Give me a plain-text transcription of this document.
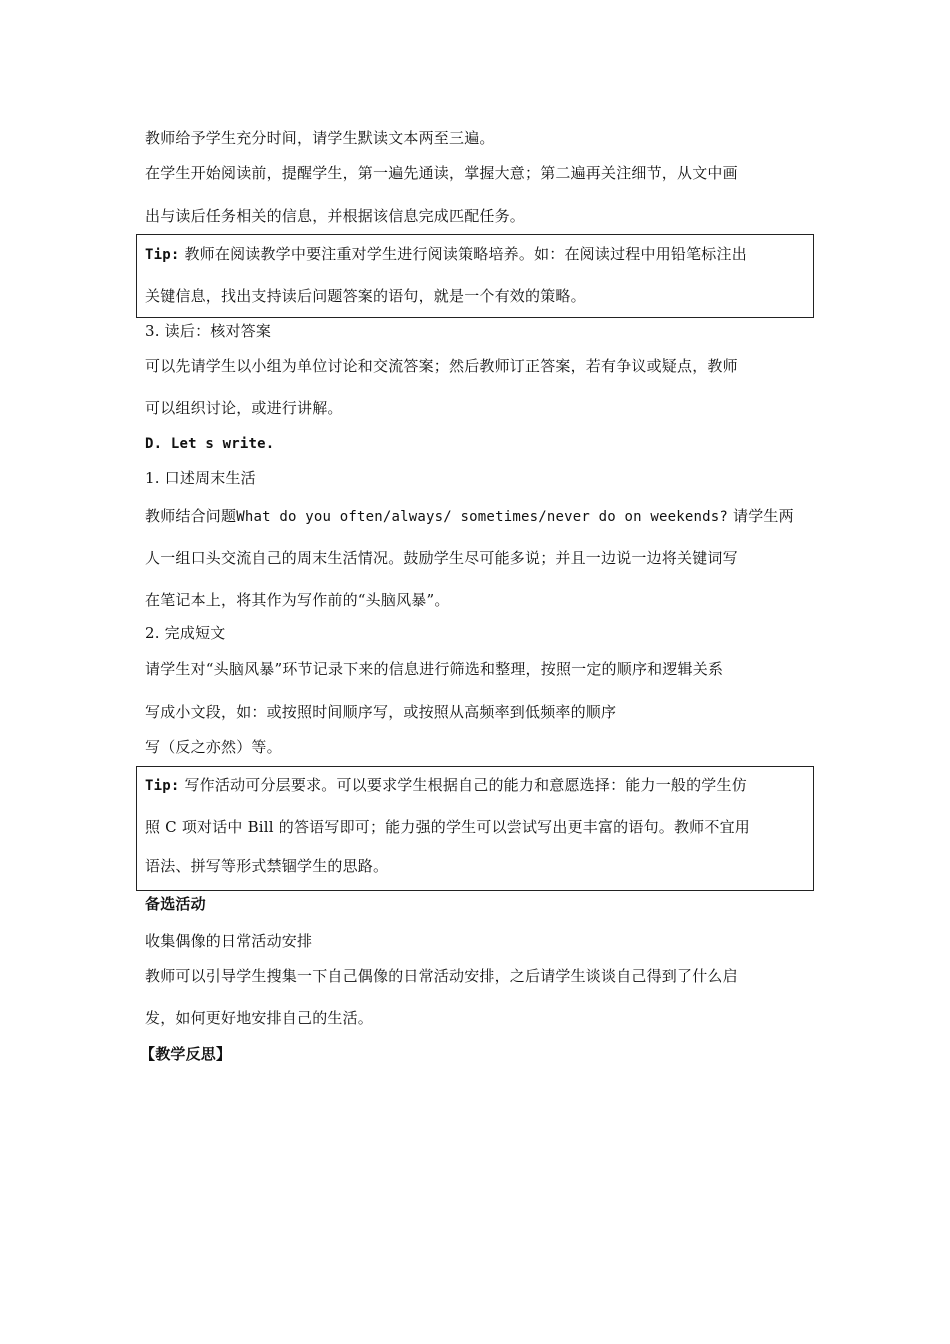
教师给予学生充分时间，请学生默读文本两至三遍。
在学生开始阅读前，提醒学生，第一遍先通读，掌握大意；第二遍再关注细节，从文中画
出与读后任务相关的信息，并根据该信息完成匹配任务。
Tip: 教师在阅读教学中要注重对学生进行阅读策略培养。如：在阅读过程中用铅笔标注出
关键信息，找出支持读后问题答案的语句，就是一个有效的策略。
3. 读后：核对答案
可以先请学生以小组为单位讨论和交流答案；然后教师订正答案，若有争议或疑点，教师
可以组织讨论，或进行讲解。
D. Let s write.
1. 口述周末生活
教师结合问题What do you often/always/ sometimes/never do on weekends? 请学生两
人一组口头交流自己的周末生活情况。鼓励学生尽可能多说；并且一边说一边将关键词写
在笔记本上，将其作为写作前的“头脑风暴”。
2. 完成短文
请学生对“头脑风暴”环节记录下来的信息进行筛选和整理，按照一定的顺序和逻辑关系
写成小文段，如：或按照时间顺序写，或按照从高频率到低频率的顺序
写（反之亦然）等。
Tip: 写作活动可分层要求。可以要求学生根据自己的能力和意愿选择：能力一般的学生仿
照 C 项对话中 Bill 的答语写即可；能力强的学生可以尝试写出更丰富的语句。教师不宜用
语法、拼写等形式禁锢学生的思路。
备选活动
收集偶像的日常活动安排
教师可以引导学生搜集一下自己偶像的日常活动安排，之后请学生谈谈自己得到了什么启
发，如何更好地安排自己的生活。
【教学反思】
